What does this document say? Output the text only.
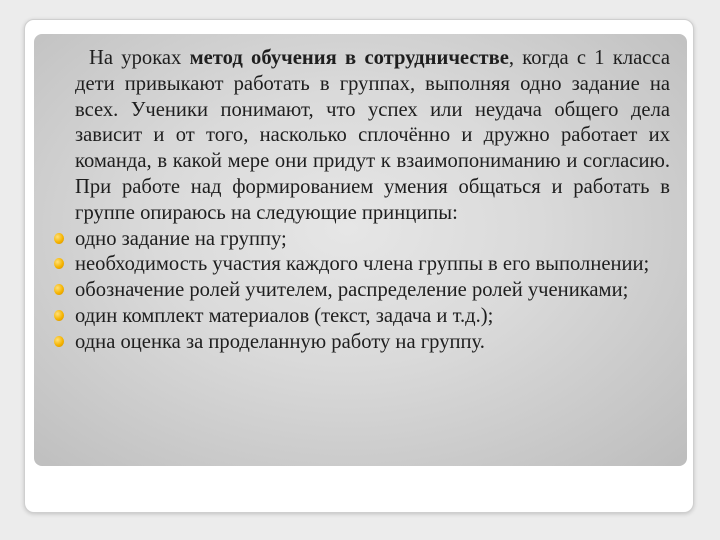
На уроках метод обучения в сотрудничестве, когда с 1 класса дети привыкают работать в группах, выполняя одно задание на всех. Ученики понимают, что успех или неудача общего дела зависит и от того, насколько сплочённо и дружно работает их команда, в какой мере они придут к взаимопониманию и согласию. При работе над формированием умения общаться и работать в группе опираюсь на следующие принципы:

одно задание на группу;
необходимость участия каждого члена группы в его выполнении;
обозначение ролей учителем, распределение ролей учениками;
один комплект материалов (текст, задача и т.д.);
одна оценка за проделанную работу на группу.
